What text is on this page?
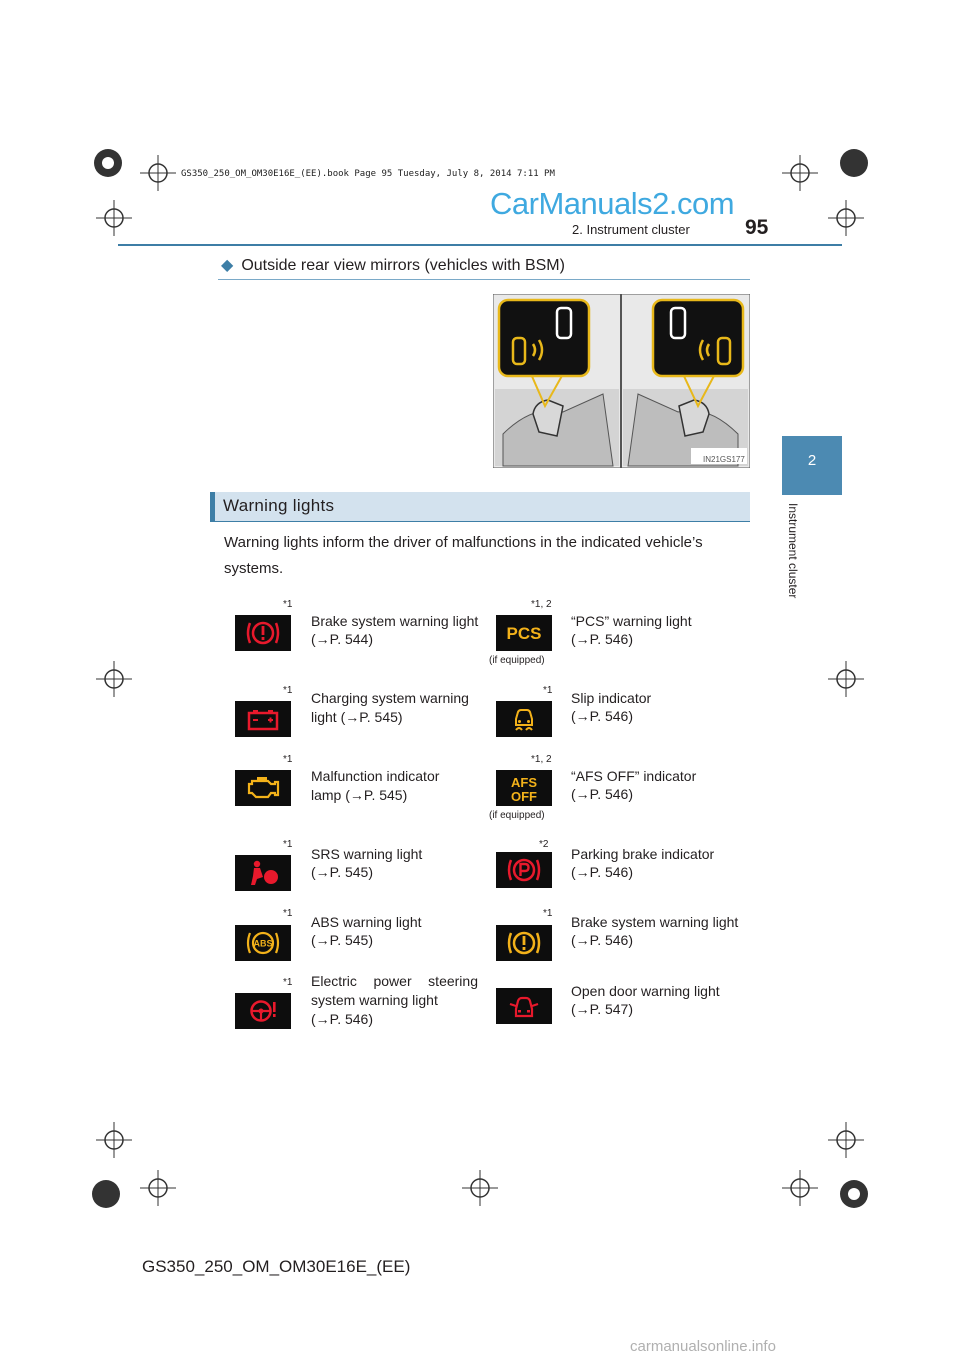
GS350_250_OM_OM30E16E_(EE).book Page 95 Tuesday, July 8, 2014 7:11 PM
CarManuals2.com
2. Instrument cluster	95
2
Instrument cluster
◆ Outside rear view mirrors (vehicles with BSM)
IN21GS177
Warning lights
Warning lights inform the driver of malfunctions in the indicated vehicle’s systems.
*1
Brake system warning light
(→P. 544)	PCS
*1, 2
(if equipped)
“PCS” warning light
(→P. 546)
*1 Charging system warning light (→P. 545)
*1 Slip indicator
(→P. 546)
*1
Malfunction indicator lamp (→P. 545)
AFS
OFF
*1, 2
(if equipped)
“AFS OFF” indicator
(→P. 546)
*1
SRS warning light
(→P. 545)
*2
Parking brake indicator
(→P. 546)
ABS
*1
ABS warning light
(→P. 545)
*1
Brake system warning light
(→P. 546)
*1 Electric power steering system warning light
(→P. 546)
Open door warning light
(→P. 547)
GS350_250_OM_OM30E16E_(EE)
carmanualsonline.info
